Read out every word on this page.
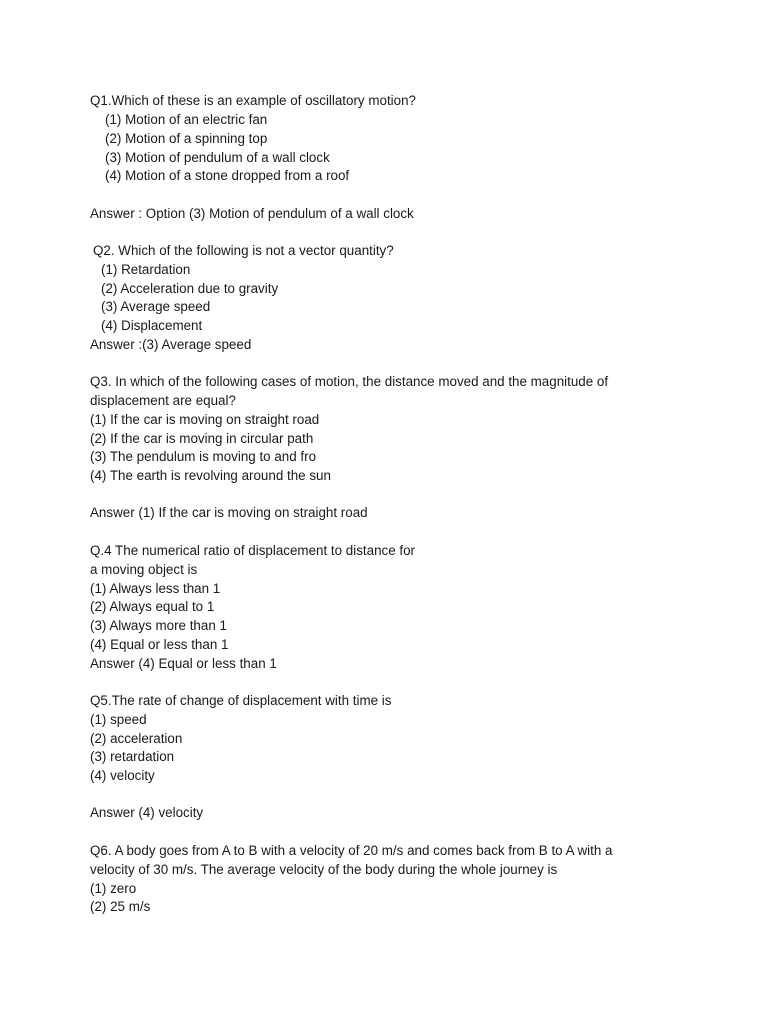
Q1.Which of these is an example of oscillatory motion?
(1) Motion of an electric fan
(2) Motion of a spinning top
(3) Motion of pendulum of a wall clock
(4) Motion of a stone dropped from a roof
Answer : Option (3) Motion of pendulum of a wall clock
Q2. Which of the following is not a vector quantity?
(1) Retardation
(2) Acceleration due to gravity
(3) Average speed
(4) Displacement
Answer :(3) Average speed
Q3. In which of the following cases of motion, the distance moved and the magnitude of
displacement are equal?
(1) If the car is moving on straight road
(2) If the car is moving in circular path
(3) The pendulum is moving to and fro
(4) The earth is revolving around the sun
Answer (1) If the car is moving on straight road
Q.4 The numerical ratio of displacement to distance for
a moving object is
(1) Always less than 1
(2) Always equal to 1
(3) Always more than 1
(4) Equal or less than 1
Answer (4) Equal or less than 1
Q5.The rate of change of displacement with time is
(1) speed
(2) acceleration
(3) retardation
(4) velocity
Answer (4) velocity
Q6. A body goes from A to B with a velocity of 20 m/s and comes back from B to A with a
velocity of 30 m/s. The average velocity of the body during the whole journey is
(1) zero
(2) 25 m/s
